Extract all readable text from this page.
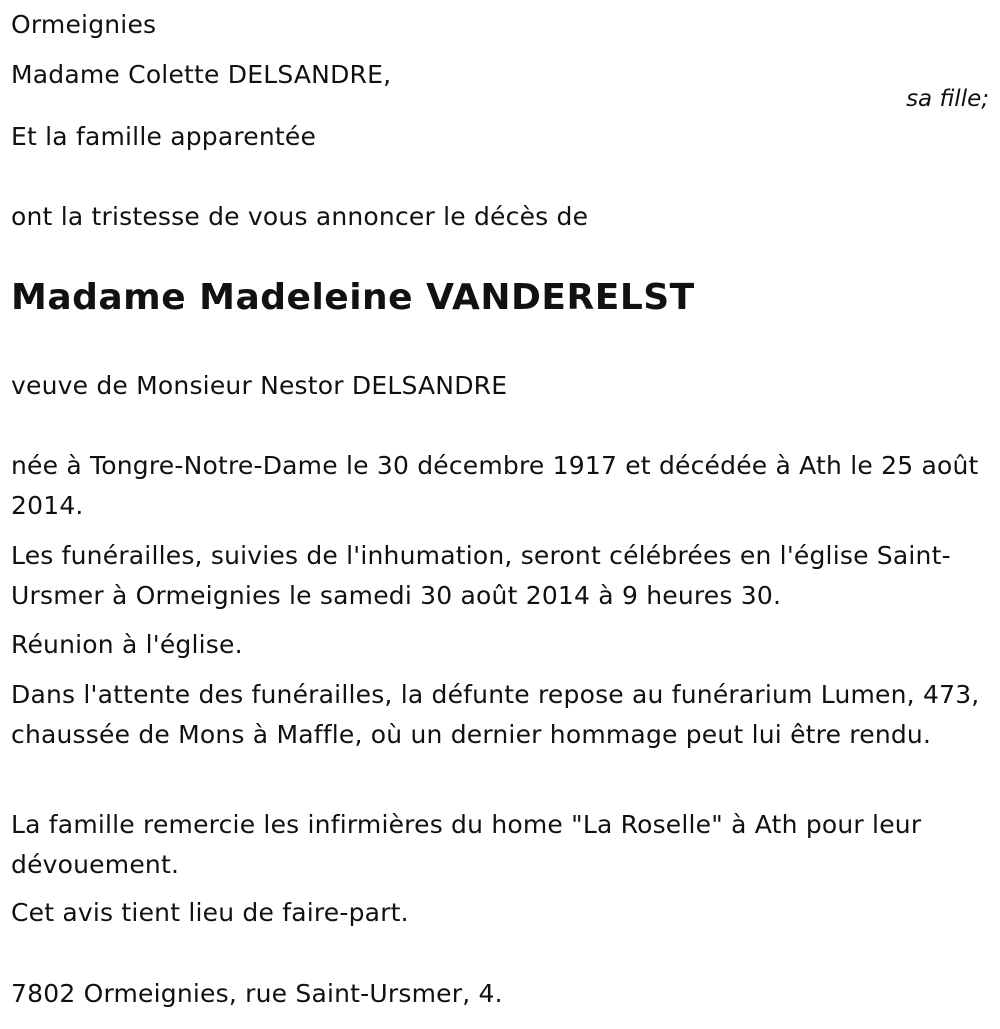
Ormeignies
Madame Colette DELSANDRE,
sa fille;
Et la famille apparentée
ont la tristesse de vous annoncer le décès de
Madame Madeleine VANDERELST
veuve de Monsieur Nestor DELSANDRE
née à Tongre-Notre-Dame le 30 décembre 1917 et décédée à Ath le 25 août 2014.
Les funérailles, suivies de l'inhumation, seront célébrées en l'église Saint-Ursmer à Ormeignies le samedi 30 août 2014 à 9 heures 30.
Réunion à l'église.
Dans l'attente des funérailles, la défunte repose au funérarium Lumen, 473, chaussée de Mons à Maffle, où un dernier hommage peut lui être rendu.
La famille remercie les infirmières du home "La Roselle" à Ath pour leur dévouement.
Cet avis tient lieu de faire-part.
7802 Ormeignies, rue Saint-Ursmer, 4.
